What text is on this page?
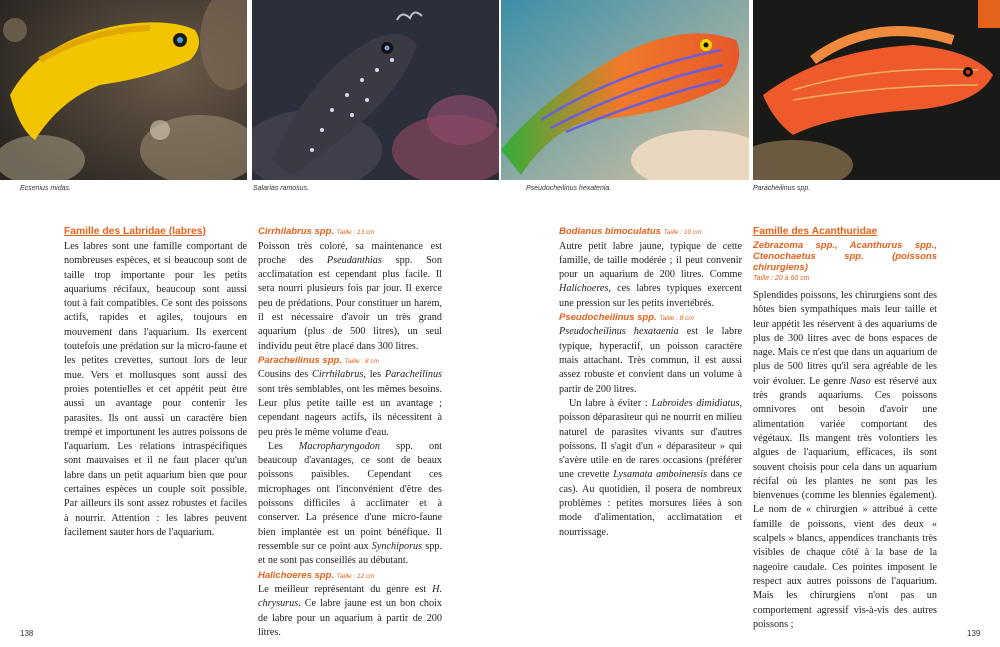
Ecsenius midas.	Salarias ramosus.	Pseudocheilinus hexatenia.	Paracheilinus spp.
Famille des Labridae (labres)

Les labres sont une famille comportant de nombreuses espèces, et si beaucoup sont de taille trop importante pour les petits aquariums récifaux, beaucoup sont aussi tout à fait compatibles. Ce sont des poissons actifs, rapides et agiles, toujours en mouvement dans l'aquarium. Ils exercent toutefois une prédation sur la micro-faune et les petites crevettes, surtout lors de leur mue. Vers et mollusques sont aussi des proies potentielles et cet appétit peut être aussi un avantage pour contenir les parasites. Ils ont aussi un caractère bien trempé et importunent les autres poissons de l'aquarium. Les relations intraspécifiques sont mauvaises et il ne faut placer qu'un labre dans un petit aquarium bien que pour certaines espèces un couple soit possible. Par ailleurs ils sont assez robustes et faciles à nourrir. Attention : les labres peuvent facilement sauter hors de l'aquarium.

Cirrhilabrus spp. Taille : 13 cm

Poisson très coloré, sa maintenance est proche des Pseudanthias spp. Son acclimatation est cependant plus facile. Il sera nourri plusieurs fois par jour. Il exerce peu de prédations. Pour constituer un harem, il est nécessaire d'avoir un très grand aquarium (plus de 500 litres), un seul individu peut être placé dans 300 litres.

Paracheilinus spp. Taille : 8 cm

Cousins des Cirrhilabrus, les Paracheilinus sont très semblables, ont les mêmes besoins. Leur plus petite taille est un avantage ; cependant nageurs actifs, ils nécessitent à peu près le même volume d'eau.

Les Macropharyngodon spp. ont beaucoup d'avantages, ce sont de beaux poissons paisibles. Cependant ces microphages ont l'inconvénient d'être des poissons difficiles à acclimater et à conserver. La présence d'une micro-faune bien implantée est un point bénéfique. Il ressemble sur ce point aux Synchiporus spp. et ne sont pas conseillés au débutant.

Halichoeres spp. Taille : 12 cm

Le meilleur représentant du genre est H. chrysurus. Ce labre jaune est un bon choix de labre pour un aquarium à partir de 200 litres.

Bodianus bimoculatus Taille : 10 cm

Autre petit labre jaune, typique de cette famille, de taille modérée ; il peut convenir pour un aquarium de 200 litres. Comme Halichoeres, ces labres typiques exercent une pression sur les petits invertébrés.

Pseudocheilinus spp. Taille : 8 cm

Pseudocheilinus hexataenia est le labre typique, hyperactif, un poisson caractère mais attachant. Très commun, il est aussi assez robuste et convient dans un volume à partir de 200 litres.

Un labre à éviter : Labroides dimidiatus, poisson déparasiteur qui ne nourrit en milieu naturel de parasites vivants sur d'autres poissons. Il s'agit d'un « déparasiteur » qui s'avère utile en de rares occasions (préférer une crevette Lysamata amboinensis dans ce cas). Au quotidien, il posera de nombreux problèmes : petites morsures liées à son mode d'alimentation, acclimatation et nourrissage.

Famille des Acanthuridae
Zebrazoma spp., Acanthurus spp., Ctenochaetus spp. (poissons chirurgiens)
Taille : 20 à 60 cm

Splendides poissons, les chirurgiens sont des hôtes bien sympathiques mais leur taille et leur appétit les réservent à des aquariums de plus de 300 litres avec de bons espaces de nage. Mais ce n'est que dans un aquarium de plus de 500 litres qu'il sera agréable de les voir évoluer. Le genre Naso est réservé aux très grands aquariums. Ces poissons omnivores ont besoin d'avoir une alimentation variée comportant des végétaux. Ils mangent très volontiers les algues de l'aquarium, efficaces, ils sont souvent choisis pour cela dans un aquarium récifal où les plantes ne sont pas les bienvenues (comme les blennies également). Le nom de « chirurgien » attribué à cette famille de poissons, vient des deux « scalpels » blancs, appendices tranchants très visibles de chaque côté à la base de la nageoire caudale. Ces pointes imposent le respect aux autres poissons de l'aquarium. Mais les chirurgiens n'ont pas un comportement agressif vis-à-vis des autres poissons ;

138	139
